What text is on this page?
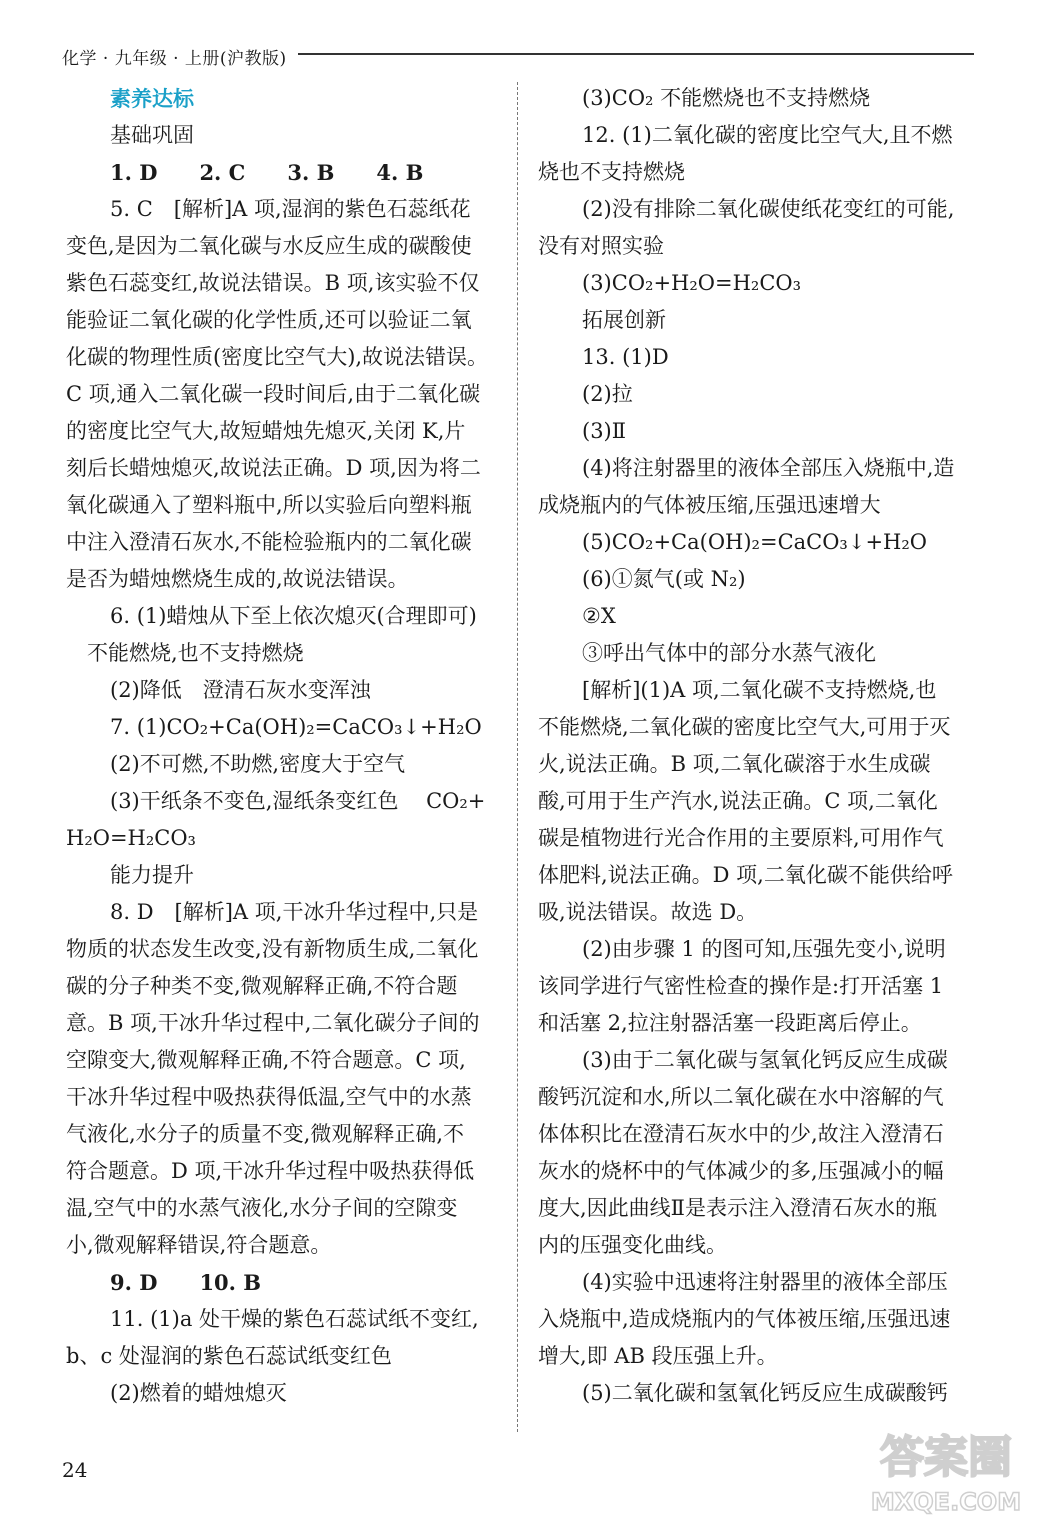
化学 · 九年级 · 上册(沪教版)
素养达标
基础巩固
1. D　　2. C　　3. B　　4. B
5. C　[解析]A 项,湿润的紫色石蕊纸花
变色,是因为二氧化碳与水反应生成的碳酸使
紫色石蕊变红,故说法错误。B 项,该实验不仅
能验证二氧化碳的化学性质,还可以验证二氧
化碳的物理性质(密度比空气大),故说法错误。
C 项,通入二氧化碳一段时间后,由于二氧化碳
的密度比空气大,故短蜡烛先熄灭,关闭 K,片
刻后长蜡烛熄灭,故说法正确。D 项,因为将二
氧化碳通入了塑料瓶中,所以实验后向塑料瓶
中注入澄清石灰水,不能检验瓶内的二氧化碳
是否为蜡烛燃烧生成的,故说法错误。
6. (1)蜡烛从下至上依次熄灭(合理即可)
　不能燃烧,也不支持燃烧
(2)降低　澄清石灰水变浑浊
7. (1)CO₂+Ca(OH)₂=CaCO₃↓+H₂O
(2)不可燃,不助燃,密度大于空气
(3)干纸条不变色,湿纸条变红色　 CO₂+
H₂O=H₂CO₃
能力提升
8. D　[解析]A 项,干冰升华过程中,只是
物质的状态发生改变,没有新物质生成,二氧化
碳的分子种类不变,微观解释正确,不符合题
意。B 项,干冰升华过程中,二氧化碳分子间的
空隙变大,微观解释正确,不符合题意。C 项,
干冰升华过程中吸热获得低温,空气中的水蒸
气液化,水分子的质量不变,微观解释正确,不
符合题意。D 项,干冰升华过程中吸热获得低
温,空气中的水蒸气液化,水分子间的空隙变
小,微观解释错误,符合题意。
9. D　　10. B
11. (1)a 处干燥的紫色石蕊试纸不变红,
b、c 处湿润的紫色石蕊试纸变红色
(2)燃着的蜡烛熄灭
(3)CO₂ 不能燃烧也不支持燃烧
12. (1)二氧化碳的密度比空气大,且不燃
烧也不支持燃烧
(2)没有排除二氧化碳使纸花变红的可能,
没有对照实验
(3)CO₂+H₂O=H₂CO₃
拓展创新
13. (1)D
(2)拉
(3)Ⅱ
(4)将注射器里的液体全部压入烧瓶中,造
成烧瓶内的气体被压缩,压强迅速增大
(5)CO₂+Ca(OH)₂=CaCO₃↓+H₂O
(6)①氮气(或 N₂)
②X
③呼出气体中的部分水蒸气液化
[解析](1)A 项,二氧化碳不支持燃烧,也
不能燃烧,二氧化碳的密度比空气大,可用于灭
火,说法正确。B 项,二氧化碳溶于水生成碳
酸,可用于生产汽水,说法正确。C 项,二氧化
碳是植物进行光合作用的主要原料,可用作气
体肥料,说法正确。D 项,二氧化碳不能供给呼
吸,说法错误。故选 D。
(2)由步骤 1 的图可知,压强先变小,说明
该同学进行气密性检查的操作是:打开活塞 1
和活塞 2,拉注射器活塞一段距离后停止。
(3)由于二氧化碳与氢氧化钙反应生成碳
酸钙沉淀和水,所以二氧化碳在水中溶解的气
体体积比在澄清石灰水中的少,故注入澄清石
灰水的烧杯中的气体减少的多,压强减小的幅
度大,因此曲线Ⅱ是表示注入澄清石灰水的瓶
内的压强变化曲线。
(4)实验中迅速将注射器里的液体全部压
入烧瓶中,造成烧瓶内的气体被压缩,压强迅速
增大,即 AB 段压强上升。
(5)二氧化碳和氢氧化钙反应生成碳酸钙
24	答案圈
MXQE.COM
